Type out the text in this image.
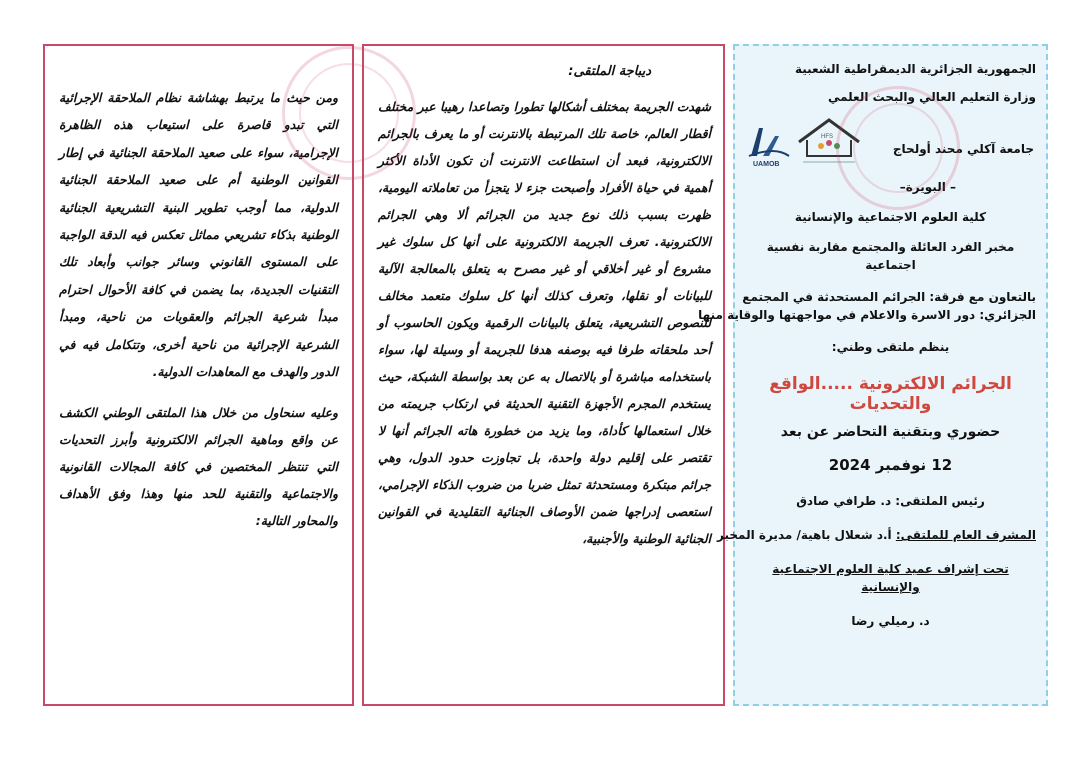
ومن حيث ما يرتبط بهشاشة نظام الملاحقة الإجرائية التي تبدو قاصرة على استيعاب هذه الظاهرة الإجرامية، سواء على صعيد الملاحقة الجنائية في إطار القوانين الوطنية أم على صعيد الملاحقة الجنائية الدولية، مما أوجب تطوير البنية التشريعية الجنائية الوطنية بذكاء تشريعي مماثل تعكس فيه الدقة الواجبة على المستوى القانوني وسائر جوانب وأبعاد تلك التقنيات الجديدة، بما يضمن في كافة الأحوال احترام مبدأ شرعية الجرائم والعقوبات من ناحية، ومبدأ الشرعية الإجرائية من ناحية أخرى، وتتكامل فيه في الدور والهدف مع المعاهدات الدولية.

وعليه سنحاول من خلال هذا الملتقى الوطني الكشف عن واقع وماهية الجرائم الالكترونية وأبرز التحديات التي تنتظر المختصين في كافة المجالات القانونية والاجتماعية والتقنية للحد منها وهذا وفق الأهداف والمحاور التالية:

ديباجة الملتقى:

شهدت الجريمة بمختلف أشكالها تطورا وتصاعدا رهيبا عبر مختلف أقطار العالم، خاصة تلك المرتبطة بالانترنت أو ما يعرف بالجرائم الالكترونية، فبعد أن استطاعت الانترنت أن تكون الأداة الأكثر أهمية في حياة الأفراد وأصبحت جزء لا يتجزأ من تعاملاته اليومية، ظهرت بسبب ذلك نوع جديد من الجرائم ألا وهي الجرائم الالكترونية. تعرف الجريمة الالكترونية على أنها كل سلوك غير مشروع أو غير أخلاقي أو غير مصرح به يتعلق بالمعالجة الآلية للبيانات أو نقلها، وتعرف كذلك أنها كل سلوك متعمد مخالف للنصوص التشريعية، يتعلق بالبيانات الرقمية ويكون الحاسوب أو أحد ملحقاته طرفا فيه بوصفه هدفا للجريمة أو وسيلة لها، سواء باستخدامه مباشرة أو بالاتصال به عن بعد بواسطة الشبكة، حيث يستخدم المجرم الأجهزة التقنية الحديثة في ارتكاب جريمته من خلال استعمالها كأداة، وما يزيد من خطورة هاته الجرائم أنها لا تقتصر على إقليم دولة واحدة، بل تجاوزت حدود الدول، وهي جرائم مبتكرة ومستحدثة تمثل ضربا من ضروب الذكاء الإجرامي، استعصى إدراجها ضمن الأوصاف الجنائية التقليدية في القوانين الجنائية الوطنية والأجنبية،

الجمهورية الجزائرية الديمقراطية الشعبية
وزارة التعليم العالي والبحث العلمي
UAMOB
HFS
جامعة آكلي محند أولحاج
– البويرة–
كلية العلوم الاجتماعية والإنسانية
مخبر الفرد العائلة والمجتمع مقاربة نفسية اجتماعية
بالتعاون مع فرقة: الجرائم المستحدثة في المجتمع
الجزائري: دور الاسرة والاعلام في مواجهتها والوقاية منها
ينظم ملتقى وطني:
الجرائم الالكترونية .....الواقع والتحديات
حضوري وبتقنية التحاضر عن بعد
12 نوفمبر 2024
رئيس الملتقى: د. طرافي صادق
المشرف العام للملتقى: أ.د شعلال باهية/ مديرة المخبر
تحت إشراف عميد كلية العلوم الاجتماعية والإنسانية
د. رميلي رضا
